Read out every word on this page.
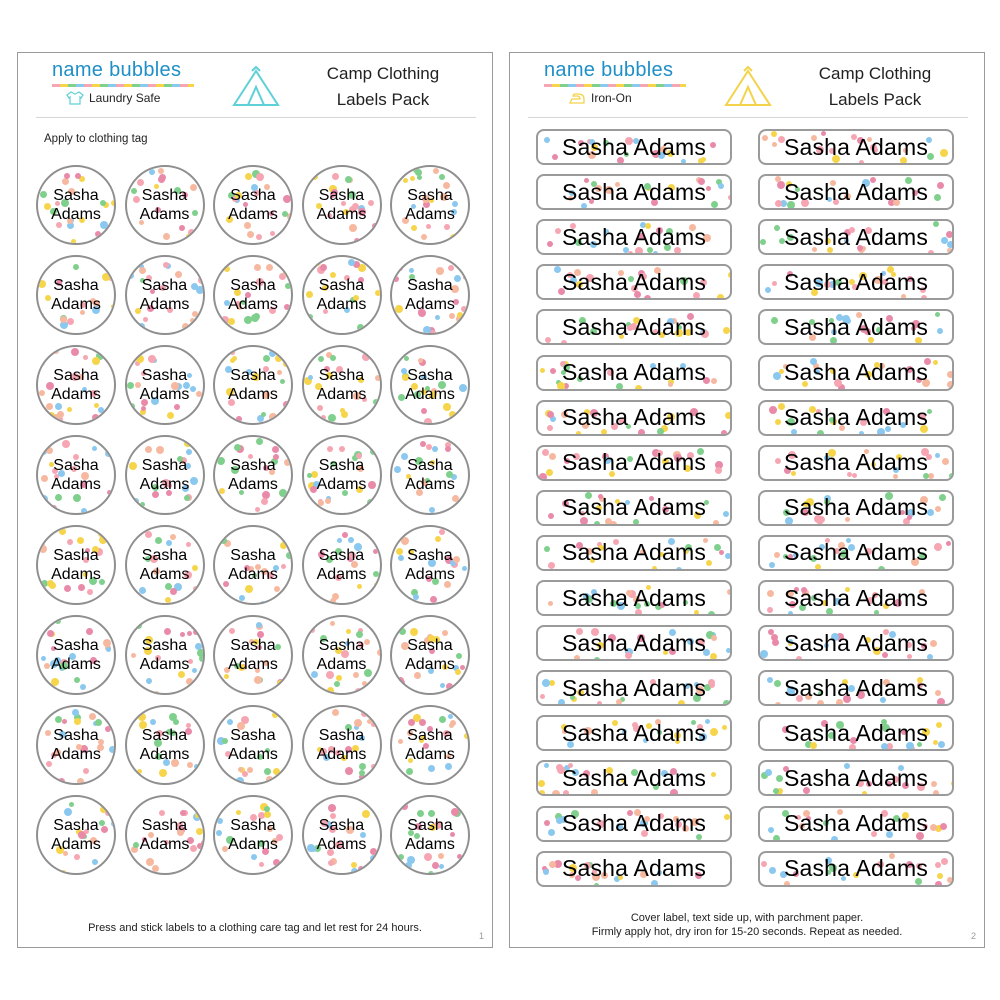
name bubbles
Laundry Safe
Camp Clothing
Labels Pack
Apply to clothing tag
Sasha
Adams
Sasha
Adams
Sasha
Adams
Sasha
Adams
Sasha
Adams
Sasha
Adams
Sasha
Adams
Sasha
Adams
Sasha
Adams
Sasha
Adams
Sasha
Adams
Sasha
Adams
Sasha
Adams
Sasha
Adams
Sasha
Adams
Sasha
Adams
Sasha
Adams
Sasha
Adams
Sasha
Adams
Sasha
Adams
Sasha
Adams
Sasha
Adams
Sasha
Adams
Sasha
Adams
Sasha
Adams
Sasha
Adams
Sasha
Adams
Sasha
Adams
Sasha
Adams
Sasha
Adams
Sasha
Adams
Sasha
Adams
Sasha
Adams
Sasha
Adams
Sasha
Adams
Sasha
Adams
Sasha
Adams
Sasha
Adams
Sasha
Adams
Sasha
Adams
Press and stick labels to a clothing care tag and let rest for 24 hours.
1
name bubbles
Iron-On
Camp Clothing
Labels Pack
Sasha Adams	Sasha Adams
Sasha Adams	Sasha Adams
Sasha Adams	Sasha Adams
Sasha Adams	Sasha Adams
Sasha Adams	Sasha Adams
Sasha Adams	Sasha Adams
Sasha Adams	Sasha Adams
Sasha Adams	Sasha Adams
Sasha Adams	Sasha Adams
Sasha Adams	Sasha Adams
Sasha Adams	Sasha Adams
Sasha Adams	Sasha Adams
Sasha Adams	Sasha Adams
Sasha Adams	Sasha Adams
Sasha Adams	Sasha Adams
Sasha Adams	Sasha Adams
Sasha Adams	Sasha Adams
Cover label, text side up, with parchment paper.
Firmly apply hot, dry iron for 15-20 seconds. Repeat as needed.	2
